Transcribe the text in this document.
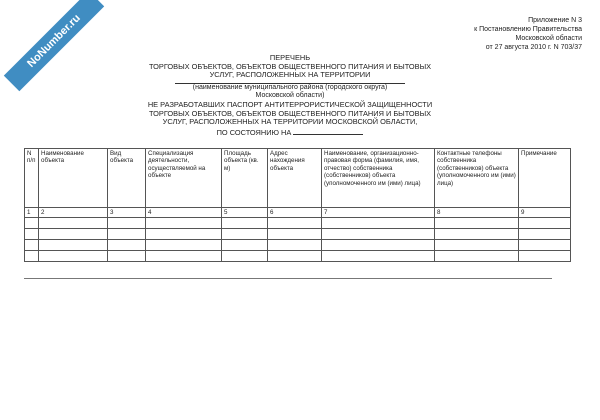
NoNumber.ru	Приложение N 3
к Постановлению Правительства
Московской области
от 27 августа 2010 г. N 703/37
ПЕРЕЧЕНЬ
ТОРГОВЫХ ОБЪЕКТОВ, ОБЪЕКТОВ ОБЩЕСТВЕННОГО ПИТАНИЯ И БЫТОВЫХ
УСЛУГ, РАСПОЛОЖЕННЫХ НА ТЕРРИТОРИИ
(наименование муниципального района (городского округа)
Московской области)
НЕ РАЗРАБОТАВШИХ ПАСПОРТ АНТИТЕРРОРИСТИЧЕСКОЙ ЗАЩИЩЕННОСТИ
ТОРГОВЫХ ОБЪЕКТОВ, ОБЪЕКТОВ ОБЩЕСТВЕННОГО ПИТАНИЯ И БЫТОВЫХ
УСЛУГ, РАСПОЛОЖЕННЫХ НА ТЕРРИТОРИИ МОСКОВСКОЙ ОБЛАСТИ,
ПО СОСТОЯНИЮ НА
N п/п	Наименование объекта	Вид объекта	Специализация деятельности, осуществляемой на объекте	Площадь объекта (кв. м)	Адрес нахождения объекта	Наименование, организационно-правовая форма (фамилия, имя, отчество) собственника (собственников) объекта (уполномоченного им (ими) лица)	Контактные телефоны собственника (собственников) объекта (уполномоченного им (ими) лица)	Примечание
1	2	3	4	5	6	7	8	9
